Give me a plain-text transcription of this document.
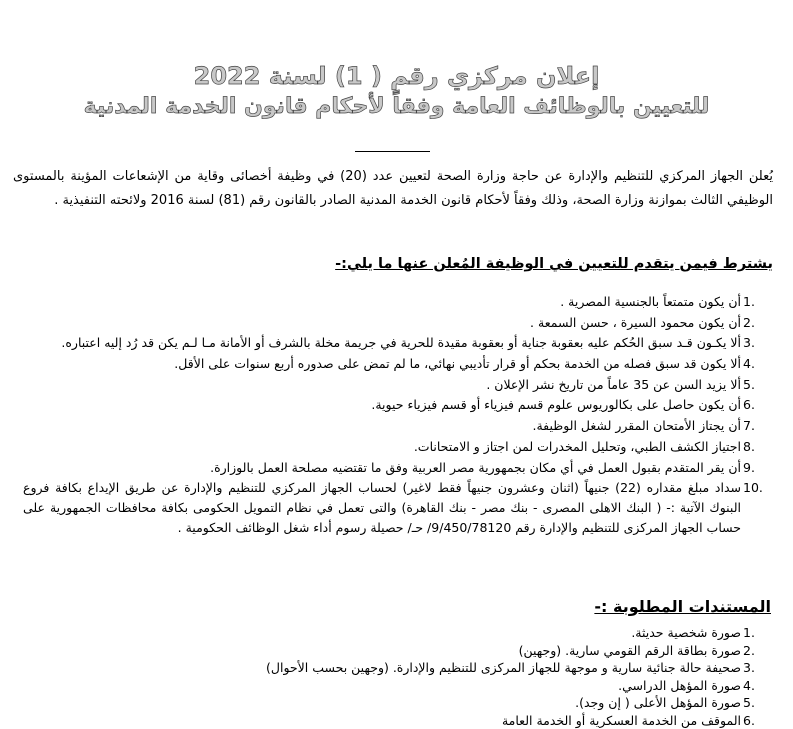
إعلان مركزي رقم ( 1) لسنة 2022
للتعيين بالوظائف العامة وفقاً لأحكام قانون الخدمة المدنية

يُعلن الجهاز المركزي للتنظيم والإدارة عن حاجة وزارة الصحة لتعيين عدد (20) في وظيفة أخصائى وقاية من الإشعاعات المؤينة بالمستوى الوظيفي الثالث بموازنة وزارة الصحة، وذلك وفقاً لأحكام قانون الخدمة المدنية الصادر بالقانون رقم (81) لسنة 2016 ولائحته التنفيذية .

يشترط فيمن يتقدم للتعيين في الوظيفة المُعلن عنها ما يلي:-
1.
أن يكون متمتعاً بالجنسية المصرية .
2.
أن يكون محمود السيرة ، حسن السمعة .
3.
ألا يكـون قـد سبق الحُكم عليه بعقوبة جناية أو بعقوبة مقيدة للحرية في جريمة مخلة بالشرف أو الأمانة مـا لـم يكن قد رُد إليه اعتباره.
4.
ألا يكون قد سبق فصله من الخدمة بحكم أو قرار تأديبي نهائي، ما لم تمض على صدوره أربع سنوات على الأقل.
5.
ألا يزيد السن عن 35 عاماً من تاريخ نشر الإعلان .
6.
أن يكون حاصل على بكالوريوس علوم قسم فيزياء أو قسم فيزياء حيوية.
7.
أن يجتاز الأمتحان المقرر لشغل الوظيفة.
8.
اجتياز الكشف الطبي، وتحليل المخدرات لمن اجتاز و الامتحانات.
9.
أن يقر المتقدم بقبول العمل في أي مكان بجمهورية مصر العربية وفق ما تقتضيه مصلحة العمل بالوزارة.
10.
سداد مبلغ مقداره (22) جنيهاً (اثنان وعشرون جنيهاً فقط لاغير) لحساب الجهاز المركزي للتنظيم والإدارة عن طريق الإيداع بكافة فروع البنوك الآتية :- ( البنك الاهلى المصرى - بنك مصر - بنك القاهرة) والتى تعمل في نظام التمويل الحكومى بكافة محافظات الجمهورية على حساب الجهاز المركزى للتنظيم والإدارة رقم 9/450/78120/ حـ/ حصيلة رسوم أداء شغل الوظائف الحكومية .
المستندات المطلوبة :-
1.
صورة شخصية حديثة.
2.
صورة بطاقة الرقم القومي سارية. (وجهين)
3.
صحيفة حالة جنائية سارية و موجهة للجهاز المركزى للتنظيم والإدارة. (وجهين بحسب الأحوال)
4.
صورة المؤهل الدراسي.
5.
صورة المؤهل الأعلى ( إن وجد).
6.
الموقف من الخدمة العسكرية أو الخدمة العامة
